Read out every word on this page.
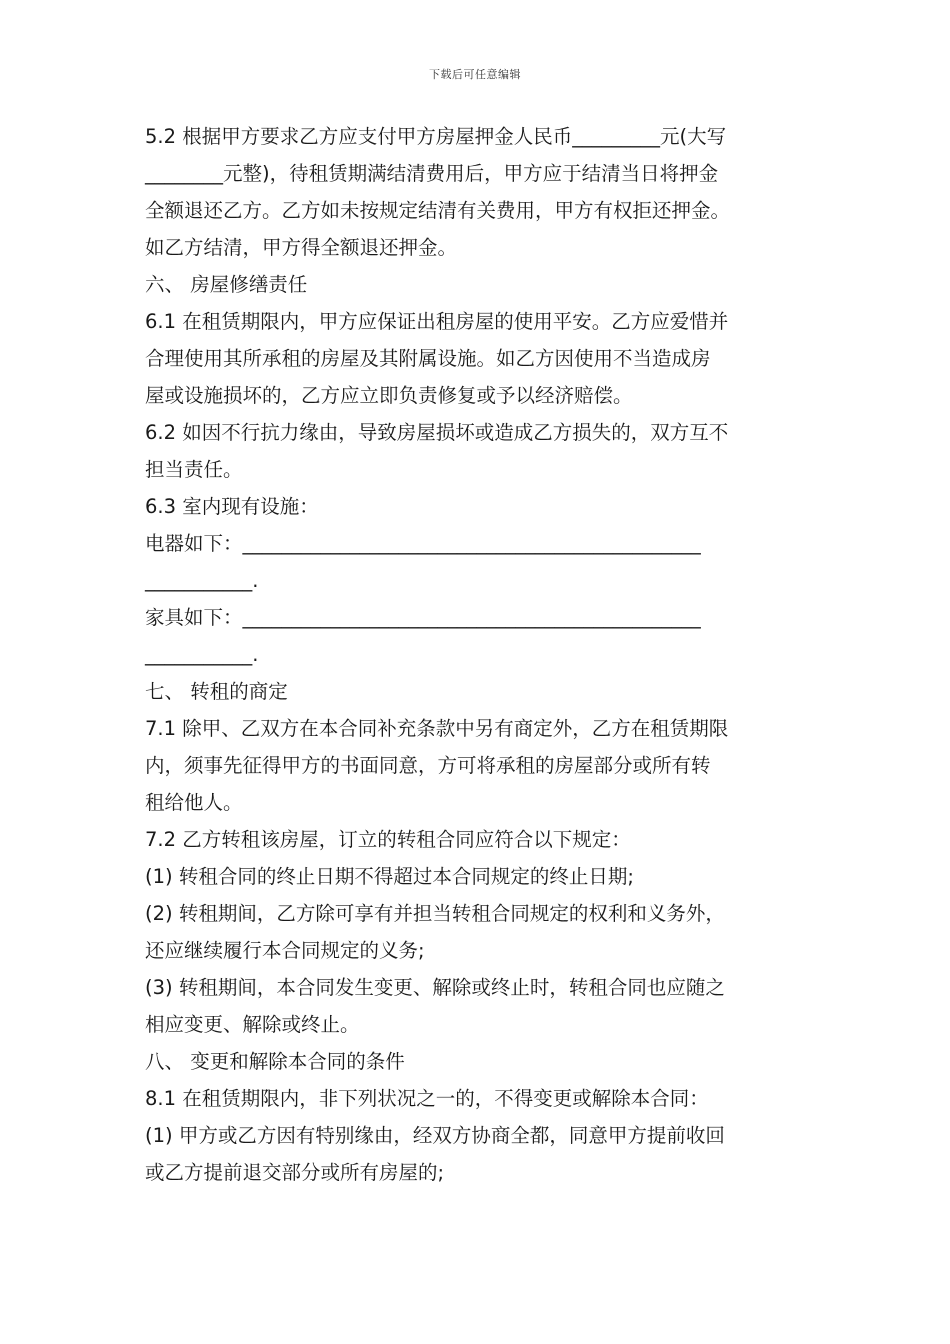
下载后可任意编辑
5.2 根据甲方要求乙方应支付甲方房屋押金人民币_________元(大写
________元整)，待租赁期满结清费用后，甲方应于结清当日将押金
全额退还乙方。乙方如未按规定结清有关费用，甲方有权拒还押金。
如乙方结清，甲方得全额退还押金。
六、 房屋修缮责任
6.1 在租赁期限内，甲方应保证出租房屋的使用平安。乙方应爱惜并
合理使用其所承租的房屋及其附属设施。如乙方因使用不当造成房
屋或设施损坏的，乙方应立即负责修复或予以经济赔偿。
6.2 如因不行抗力缘由，导致房屋损坏或造成乙方损失的，双方互不
担当责任。
6.3 室内现有设施：
电器如下：_______________________________________________
___________.
家具如下：_______________________________________________
___________.
七、 转租的商定
7.1 除甲、乙双方在本合同补充条款中另有商定外，乙方在租赁期限
内，须事先征得甲方的书面同意，方可将承租的房屋部分或所有转
租给他人。
7.2 乙方转租该房屋，订立的转租合同应符合以下规定：
(1) 转租合同的终止日期不得超过本合同规定的终止日期;
(2) 转租期间，乙方除可享有并担当转租合同规定的权利和义务外，
还应继续履行本合同规定的义务;
(3) 转租期间，本合同发生变更、解除或终止时，转租合同也应随之
相应变更、解除或终止。
八、 变更和解除本合同的条件
8.1 在租赁期限内，非下列状况之一的，不得变更或解除本合同：
(1) 甲方或乙方因有特别缘由，经双方协商全都，同意甲方提前收回
或乙方提前退交部分或所有房屋的;
